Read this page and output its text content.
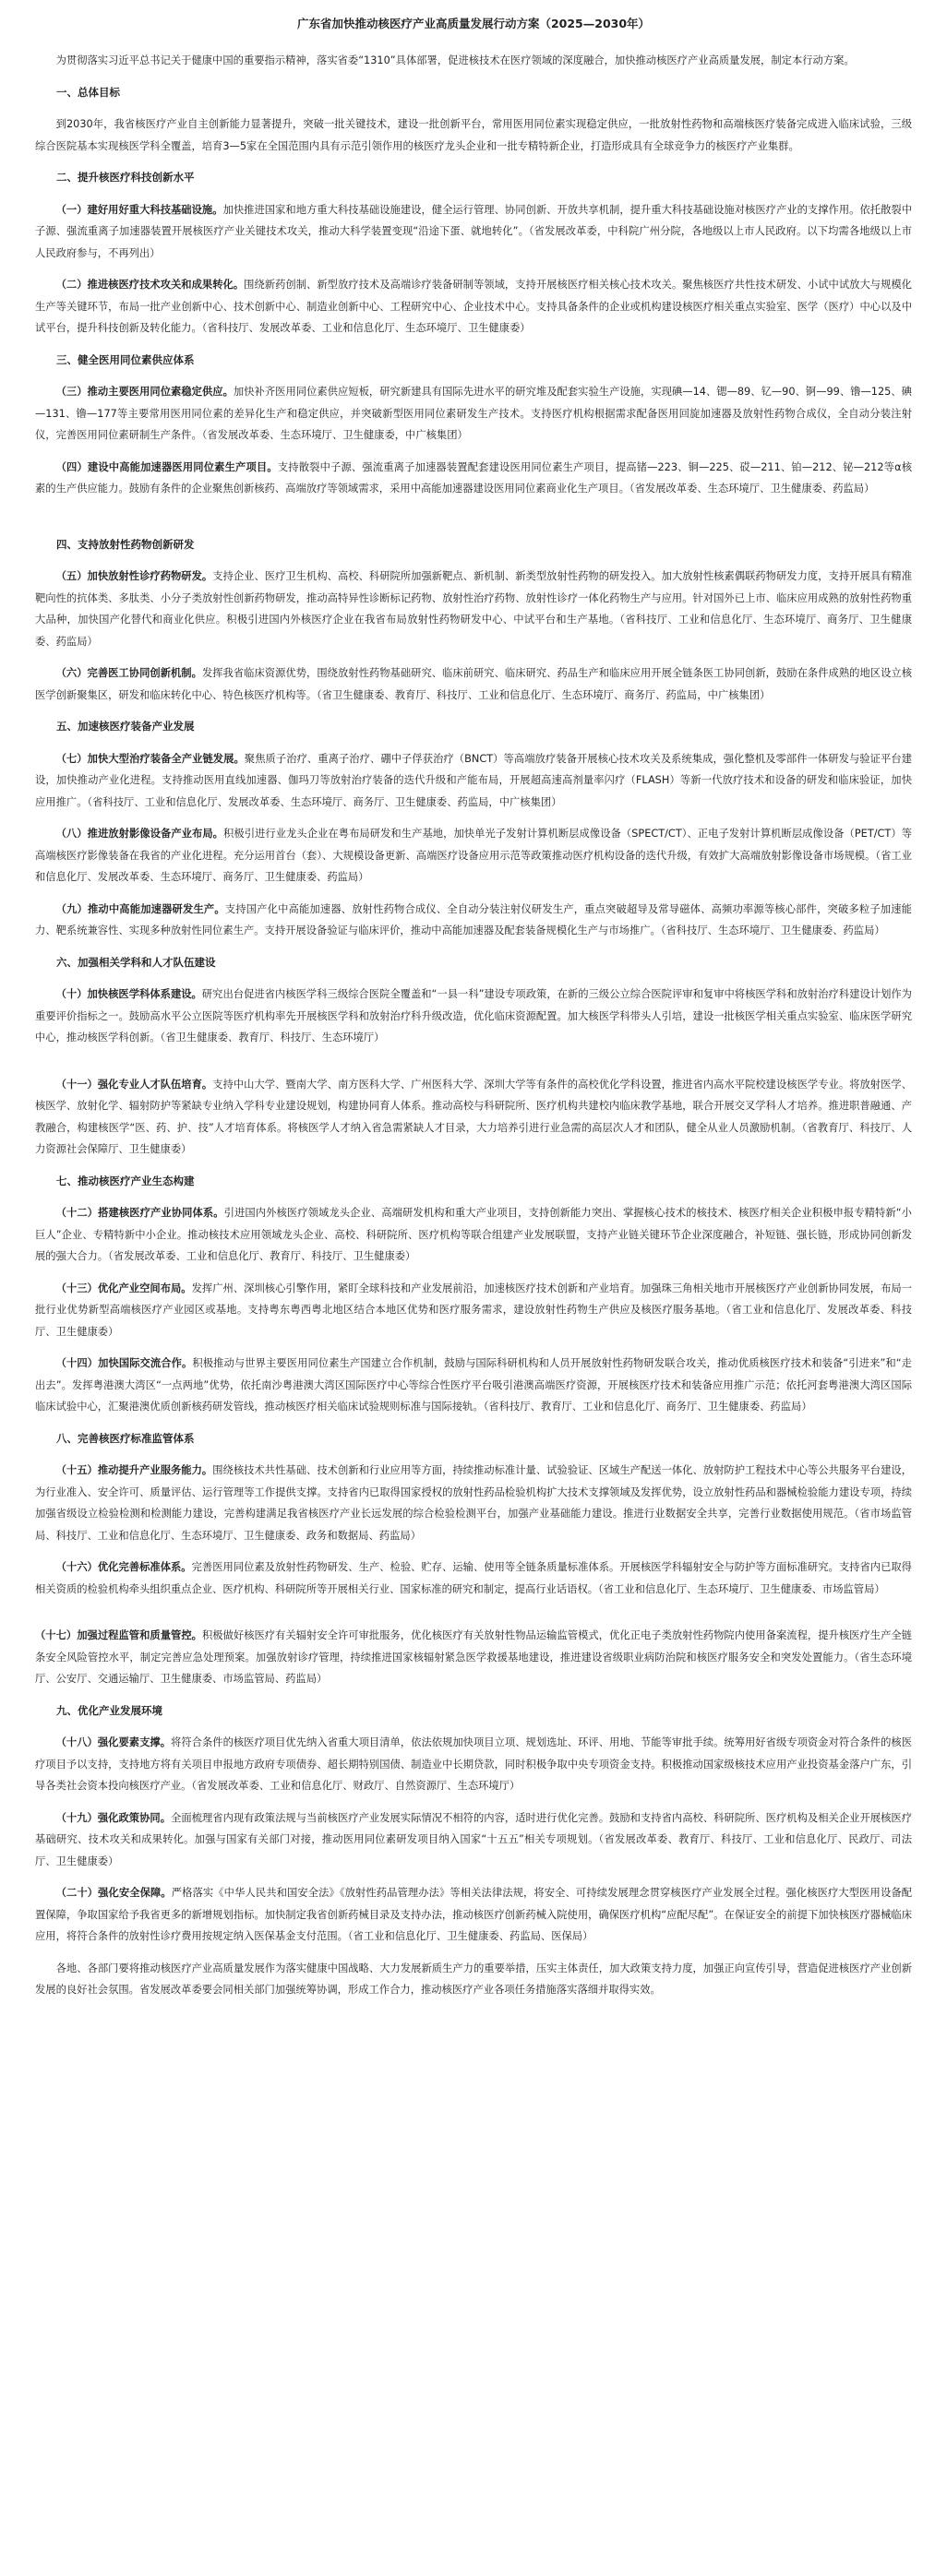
广东省加快推动核医疗产业高质量发展行动方案（2025—2030年）

为贯彻落实习近平总书记关于健康中国的重要指示精神，落实省委“1310”具体部署，促进核技术在医疗领域的深度融合，加快推动核医疗产业高质量发展，制定本行动方案。

一、总体目标

到2030年，我省核医疗产业自主创新能力显著提升，突破一批关键技术，建设一批创新平台，常用医用同位素实现稳定供应，一批放射性药物和高端核医疗装备完成进入临床试验，三级综合医院基本实现核医学科全覆盖，培育3—5家在全国范围内具有示范引领作用的核医疗龙头企业和一批专精特新企业，打造形成具有全球竞争力的核医疗产业集群。

二、提升核医疗科技创新水平

（一）建好用好重大科技基础设施。加快推进国家和地方重大科技基础设施建设，健全运行管理、协同创新、开放共享机制，提升重大科技基础设施对核医疗产业的支撑作用。依托散裂中子源、强流重离子加速器装置开展核医疗产业关键技术攻关，推动大科学装置变现“沿途下蛋、就地转化”。（省发展改革委，中科院广州分院，各地级以上市人民政府。以下均需各地级以上市人民政府参与，不再列出）

（二）推进核医疗技术攻关和成果转化。围绕新药创制、新型放疗技术及高端诊疗装备研制等领域，支持开展核医疗相关核心技术攻关。聚焦核医疗共性技术研发、小试中试放大与规模化生产等关键环节，布局一批产业创新中心、技术创新中心、制造业创新中心、工程研究中心、企业技术中心。支持具备条件的企业或机构建设核医疗相关重点实验室、医学（医疗）中心以及中试平台，提升科技创新及转化能力。（省科技厅、发展改革委、工业和信息化厅、生态环境厅、卫生健康委）

三、健全医用同位素供应体系

（三）推动主要医用同位素稳定供应。加快补齐医用同位素供应短板，研究新建具有国际先进水平的研究堆及配套实验生产设施，实现碘—14、锶—89、钇—90、锕—99、镥—125、碘—131、镥—177等主要常用医用同位素的差异化生产和稳定供应，并突破新型医用同位素研发生产技术。支持医疗机构根据需求配备医用回旋加速器及放射性药物合成仪，全自动分装注射仪，完善医用同位素研制生产条件。（省发展改革委、生态环境厅、卫生健康委，中广核集团）

（四）建设中高能加速器医用同位素生产项目。支持散裂中子源、强流重离子加速器装置配套建设医用同位素生产项目，提高锗—223、铜—225、砹—211、铂—212、铋—212等α核素的生产供应能力。鼓励有条件的企业聚焦创新核药、高端放疗等领域需求，采用中高能加速器建设医用同位素商业化生产项目。（省发展改革委、生态环境厅、卫生健康委、药监局）

四、支持放射性药物创新研发

（五）加快放射性诊疗药物研发。支持企业、医疗卫生机构、高校、科研院所加强新靶点、新机制、新类型放射性药物的研发投入。加大放射性核素偶联药物研发力度，支持开展具有精准靶向性的抗体类、多肽类、小分子类放射性创新药物研发，推动高特异性诊断标记药物、放射性治疗药物、放射性诊疗一体化药物生产与应用。针对国外已上市、临床应用成熟的放射性药物重大品种，加快国产化替代和商业化供应。积极引进国内外核医疗企业在我省布局放射性药物研发中心、中试平台和生产基地。（省科技厅、工业和信息化厅、生态环境厅、商务厅、卫生健康委、药监局）

（六）完善医工协同创新机制。发挥我省临床资源优势，围绕放射性药物基础研究、临床前研究、临床研究、药品生产和临床应用开展全链条医工协同创新，鼓励在条件成熟的地区设立核医学创新聚集区，研发和临床转化中心、特色核医疗机构等。（省卫生健康委、教育厅、科技厅、工业和信息化厅、生态环境厅、商务厅、药监局，中广核集团）

五、加速核医疗装备产业发展

（七）加快大型治疗装备全产业链发展。聚焦质子治疗、重离子治疗、硼中子俘获治疗（BNCT）等高端放疗装备开展核心技术攻关及系统集成，强化整机及零部件一体研发与验证平台建设，加快推动产业化进程。支持推动医用直线加速器、伽玛刀等放射治疗装备的迭代升级和产能布局，开展超高速高剂量率闪疗（FLASH）等新一代放疗技术和设备的研发和临床验证，加快应用推广。（省科技厅、工业和信息化厅、发展改革委、生态环境厅、商务厅、卫生健康委、药监局，中广核集团）

（八）推进放射影像设备产业布局。积极引进行业龙头企业在粤布局研发和生产基地，加快单光子发射计算机断层成像设备（SPECT/CT）、正电子发射计算机断层成像设备（PET/CT）等高端核医疗影像装备在我省的产业化进程。充分运用首台（套）、大规模设备更新、高端医疗设备应用示范等政策推动医疗机构设备的迭代升级，有效扩大高端放射影像设备市场规模。（省工业和信息化厅、发展改革委、生态环境厅、商务厅、卫生健康委、药监局）

（九）推动中高能加速器研发生产。支持国产化中高能加速器、放射性药物合成仪、全自动分装注射仪研发生产，重点突破超导及常导磁体、高频功率源等核心部件，突破多粒子加速能力、靶系统兼容性、实现多种放射性同位素生产。支持开展设备验证与临床评价，推动中高能加速器及配套装备规模化生产与市场推广。（省科技厅、生态环境厅、卫生健康委、药监局）

六、加强相关学科和人才队伍建设

（十）加快核医学科体系建设。研究出台促进省内核医学科三级综合医院全覆盖和“一县一科”建设专项政策，在新的三级公立综合医院评审和复审中将核医学科和放射治疗科建设计划作为重要评价指标之一。鼓励高水平公立医院等医疗机构率先开展核医学科和放射治疗科升级改造，优化临床资源配置。加大核医学科带头人引培，建设一批核医学相关重点实验室、临床医学研究中心，推动核医学科创新。（省卫生健康委、教育厅、科技厅、生态环境厅）

（十一）强化专业人才队伍培育。支持中山大学、暨南大学、南方医科大学、广州医科大学、深圳大学等有条件的高校优化学科设置，推进省内高水平院校建设核医学专业。将放射医学、核医学、放射化学、辐射防护等紧缺专业纳入学科专业建设规划，构建协同育人体系。推动高校与科研院所、医疗机构共建校内临床教学基地，联合开展交叉学科人才培养。推进职普融通、产教融合，构建核医学“医、药、护、技”人才培育体系。将核医学人才纳入省急需紧缺人才目录，大力培养引进行业急需的高层次人才和团队，健全从业人员激励机制。（省教育厅、科技厅、人力资源社会保障厅、卫生健康委）

七、推动核医疗产业生态构建

（十二）搭建核医疗产业协同体系。引进国内外核医疗领域龙头企业、高端研发机构和重大产业项目，支持创新能力突出、掌握核心技术的核技术、核医疗相关企业积极申报专精特新“小巨人”企业、专精特新中小企业。推动核技术应用领域龙头企业、高校、科研院所、医疗机构等联合组建产业发展联盟，支持产业链关键环节企业深度融合，补短链、强长链，形成协同创新发展的强大合力。（省发展改革委、工业和信息化厅、教育厅、科技厅、卫生健康委）

（十三）优化产业空间布局。发挥广州、深圳核心引擎作用，紧盯全球科技和产业发展前沿，加速核医疗技术创新和产业培育。加强珠三角相关地市开展核医疗产业创新协同发展，布局一批行业优势新型高端核医疗产业园区或基地。支持粤东粤西粤北地区结合本地区优势和医疗服务需求，建设放射性药物生产供应及核医疗服务基地。（省工业和信息化厅、发展改革委、科技厅、卫生健康委）

（十四）加快国际交流合作。积极推动与世界主要医用同位素生产国建立合作机制，鼓励与国际科研机构和人员开展放射性药物研发联合攻关，推动优质核医疗技术和装备“引进来”和“走出去”。发挥粤港澳大湾区“一点两地”优势，依托南沙粤港澳大湾区国际医疗中心等综合性医疗平台吸引港澳高端医疗资源，开展核医疗技术和装备应用推广示范；依托河套粤港澳大湾区国际临床试验中心，汇聚港澳优质创新核药研发管线，推动核医疗相关临床试验规则标准与国际接轨。（省科技厅、教育厅、工业和信息化厅、商务厅、卫生健康委、药监局）

八、完善核医疗标准监管体系

（十五）推动提升产业服务能力。围绕核技术共性基础、技术创新和行业应用等方面，持续推动标准计量、试验验证、区域生产配送一体化、放射防护工程技术中心等公共服务平台建设，为行业准入、安全许可、质量评估、运行管理等工作提供支撑。支持省内已取得国家授权的放射性药品检验机构扩大技术支撑领域及发挥优势，设立放射性药品和器械检验能力建设专项，持续加强省级设立检验检测和检测能力建设，完善构建满足我省核医疗产业长远发展的综合检验检测平台，加强产业基础能力建设。推进行业数据安全共享，完善行业数据使用规范。（省市场监管局、科技厅、工业和信息化厅、生态环境厅、卫生健康委、政务和数据局、药监局）

（十六）优化完善标准体系。完善医用同位素及放射性药物研发、生产、检验、贮存、运输、使用等全链条质量标准体系。开展核医学科辐射安全与防护等方面标准研究。支持省内已取得相关资质的检验机构牵头组织重点企业、医疗机构、科研院所等开展相关行业、国家标准的研究和制定，提高行业话语权。（省工业和信息化厅、生态环境厅、卫生健康委、市场监管局）

（十七）加强过程监管和质量管控。积极做好核医疗有关辐射安全许可审批服务，优化核医疗有关放射性物品运输监管模式，优化正电子类放射性药物院内使用备案流程，提升核医疗生产全链条安全风险管控水平，制定完善应急处理预案。加强放射诊疗管理，持续推进国家核辐射紧急医学救援基地建设，推进建设省级职业病防治院和核医疗服务安全和突发处置能力。（省生态环境厅、公安厅、交通运输厅、卫生健康委、市场监管局、药监局）

九、优化产业发展环境

（十八）强化要素支撑。将符合条件的核医疗项目优先纳入省重大项目清单，依法依规加快项目立项、规划选址、环评、用地、节能等审批手续。统筹用好省级专项资金对符合条件的核医疗项目予以支持，支持地方将有关项目申报地方政府专项债券、超长期特别国债、制造业中长期贷款，同时积极争取中央专项资金支持。积极推动国家级核技术应用产业投资基金落户广东，引导各类社会资本投向核医疗产业。（省发展改革委、工业和信息化厅、财政厅、自然资源厅、生态环境厅）

（十九）强化政策协同。全面梳理省内现有政策法规与当前核医疗产业发展实际情况不相符的内容，适时进行优化完善。鼓励和支持省内高校、科研院所、医疗机构及相关企业开展核医疗基础研究、技术攻关和成果转化。加强与国家有关部门对接，推动医用同位素研发项目纳入国家“十五五”相关专项规划。（省发展改革委、教育厅、科技厅、工业和信息化厅、民政厅、司法厅、卫生健康委）

（二十）强化安全保障。严格落实《中华人民共和国安全法》《放射性药品管理办法》等相关法律法规，将安全、可持续发展理念贯穿核医疗产业发展全过程。强化核医疗大型医用设备配置保障，争取国家给予我省更多的新增规划指标。加快制定我省创新药械目录及支持办法，推动核医疗创新药械入院使用，确保医疗机构“应配尽配”。在保证安全的前提下加快核医疗器械临床应用，将符合条件的放射性诊疗费用按规定纳入医保基金支付范围。（省工业和信息化厅、卫生健康委、药监局、医保局）

各地、各部门要将推动核医疗产业高质量发展作为落实健康中国战略、大力发展新质生产力的重要举措，压实主体责任，加大政策支持力度，加强正向宣传引导，营造促进核医疗产业创新发展的良好社会氛围。省发展改革委要会同相关部门加强统筹协调，形成工作合力，推动核医疗产业各项任务措施落实落细并取得实效。
